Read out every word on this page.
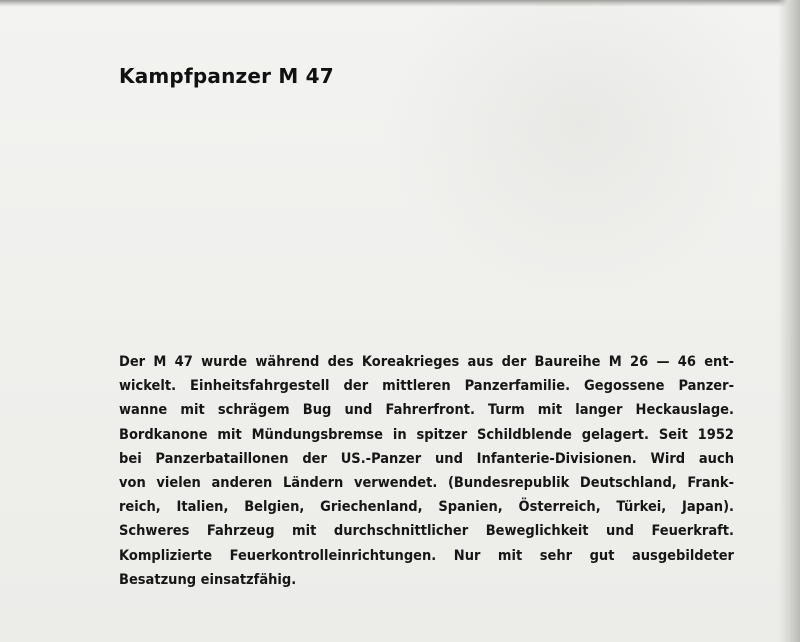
Kampfpanzer M 47
Der M 47 wurde während des Koreakrieges aus der Baureihe M 26 — 46 ent-
wickelt. Einheitsfahrgestell der mittleren Panzerfamilie. Gegossene Panzer-
wanne mit schrägem Bug und Fahrerfront. Turm mit langer Heckauslage.
Bordkanone mit Mündungsbremse in spitzer Schildblende gelagert. Seit 1952
bei Panzerbataillonen der US.-Panzer und Infanterie-Divisionen. Wird auch
von vielen anderen Ländern verwendet. (Bundesrepublik Deutschland, Frank-
reich, Italien, Belgien, Griechenland, Spanien, Österreich, Türkei, Japan).
Schweres Fahrzeug mit durchschnittlicher Beweglichkeit und Feuerkraft.
Komplizierte Feuerkontrolleinrichtungen. Nur mit sehr gut ausgebildeter
Besatzung einsatzfähig.
